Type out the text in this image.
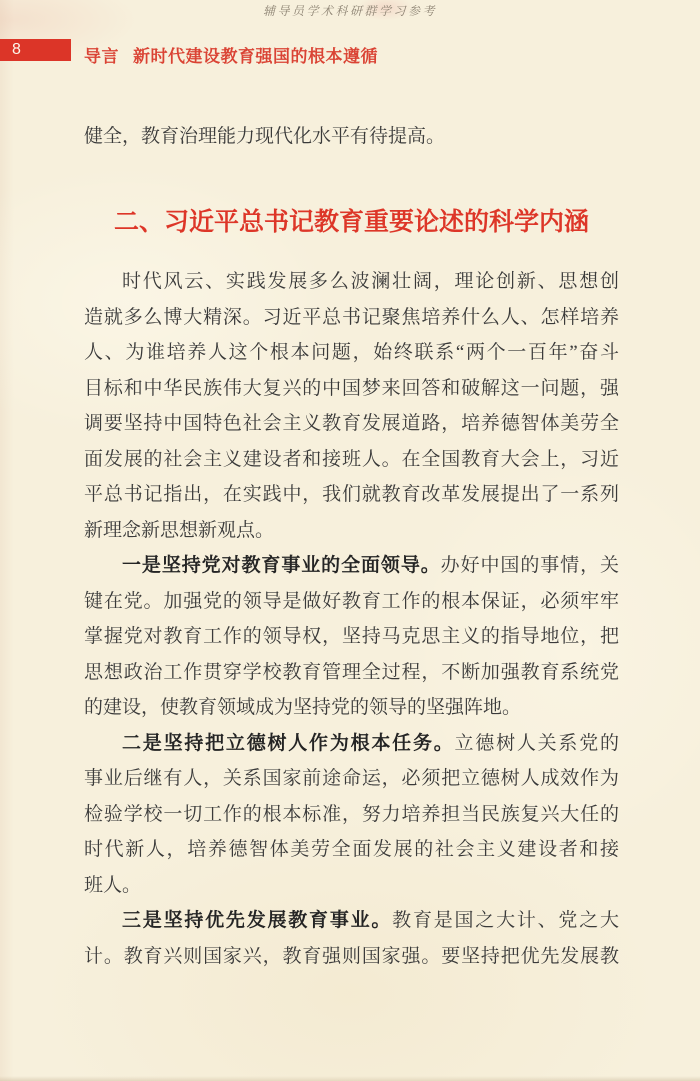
辅导员学术科研群学习参考
8	导言 新时代建设教育强国的根本遵循
健全，教育治理能力现代化水平有待提高。
二、习近平总书记教育重要论述的科学内涵
时代风云、实践发展多么波澜壮阔，理论创新、思想创
造就多么博大精深。习近平总书记聚焦培养什么人、怎样培养
人、为谁培养人这个根本问题，始终联系“两个一百年”奋斗
目标和中华民族伟大复兴的中国梦来回答和破解这一问题，强
调要坚持中国特色社会主义教育发展道路，培养德智体美劳全
面发展的社会主义建设者和接班人。在全国教育大会上，习近
平总书记指出，在实践中，我们就教育改革发展提出了一系列
新理念新思想新观点。
一是坚持党对教育事业的全面领导。办好中国的事情，关
键在党。加强党的领导是做好教育工作的根本保证，必须牢牢
掌握党对教育工作的领导权，坚持马克思主义的指导地位，把
思想政治工作贯穿学校教育管理全过程，不断加强教育系统党
的建设，使教育领域成为坚持党的领导的坚强阵地。
二是坚持把立德树人作为根本任务。立德树人关系党的
事业后继有人，关系国家前途命运，必须把立德树人成效作为
检验学校一切工作的根本标准，努力培养担当民族复兴大任的
时代新人，培养德智体美劳全面发展的社会主义建设者和接
班人。
三是坚持优先发展教育事业。教育是国之大计、党之大
计。教育兴则国家兴，教育强则国家强。要坚持把优先发展教
